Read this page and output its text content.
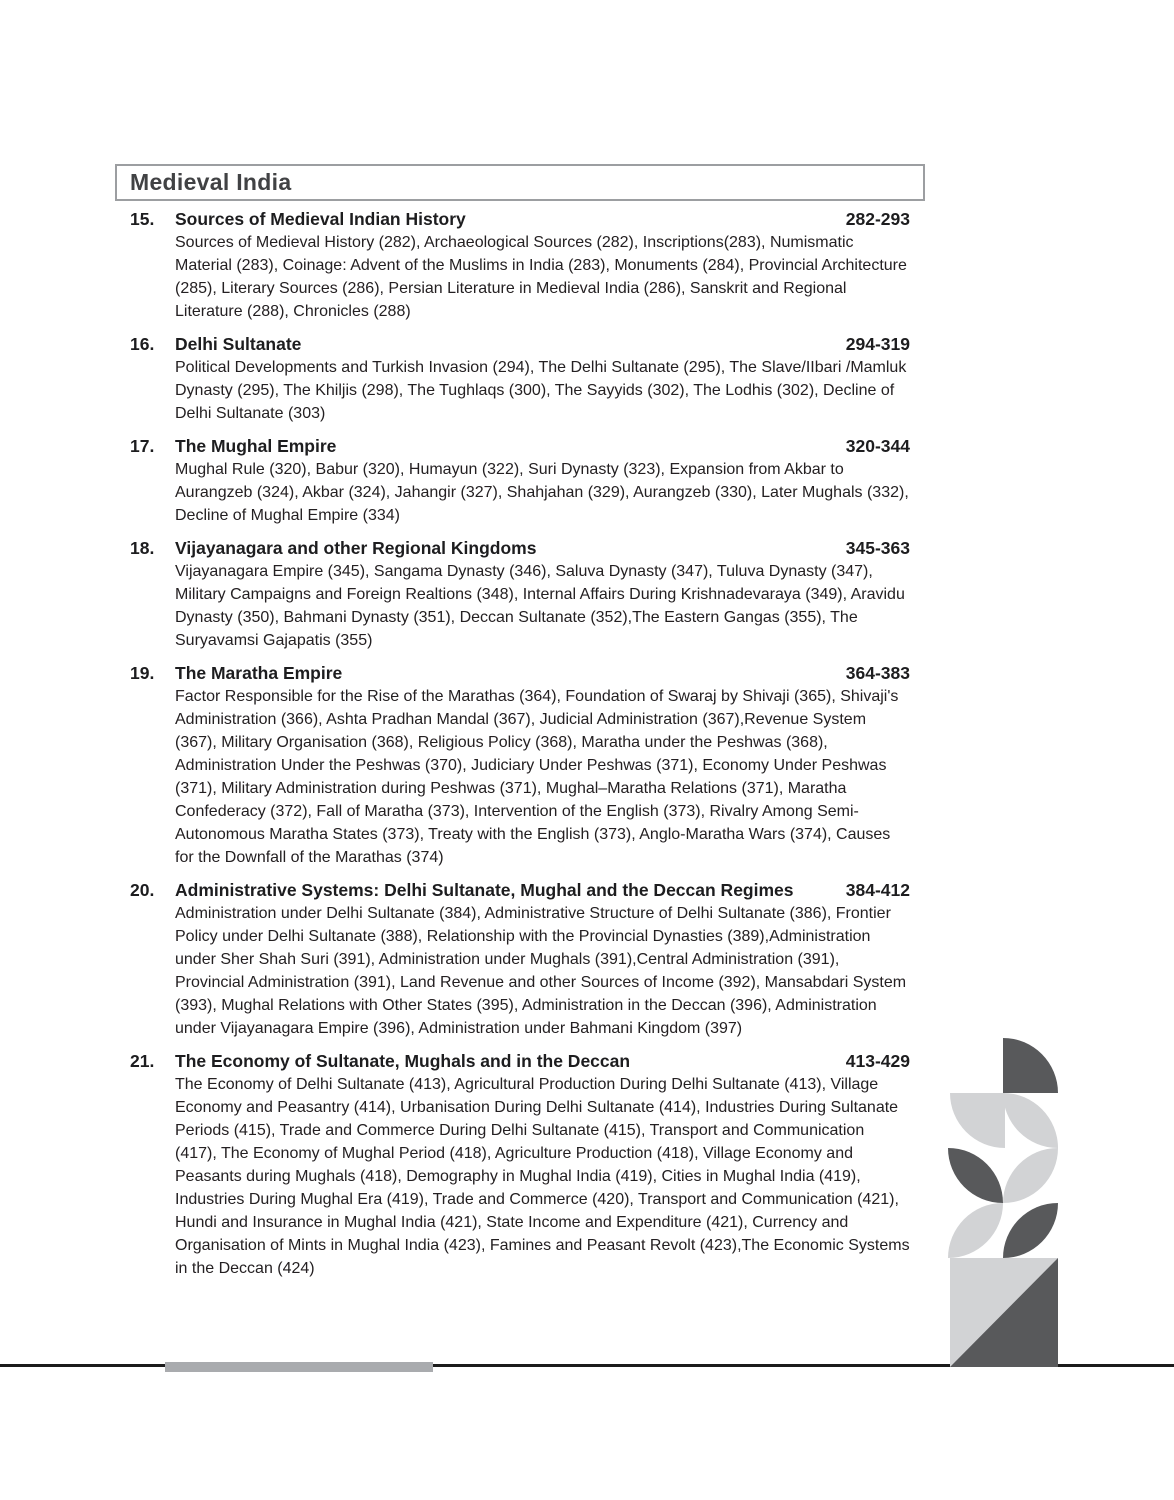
Medieval India
15.	Sources of Medieval Indian History	282-293
Sources of Medieval History (282), Archaeological Sources (282), Inscriptions(283), Numismatic Material (283), Coinage: Advent of the Muslims in India (283), Monuments (284), Provincial Architecture (285), Literary Sources (286), Persian Literature in Medieval India (286), Sanskrit and Regional Literature (288), Chronicles (288)
16.	Delhi Sultanate	294-319
Political Developments and Turkish Invasion (294), The Delhi Sultanate (295), The Slave/IIbari /Mamluk Dynasty (295), The Khiljis (298), The Tughlaqs (300), The Sayyids (302), The Lodhis (302), Decline of Delhi Sultanate (303)
17.	The Mughal Empire	320-344
Mughal Rule (320), Babur (320), Humayun (322), Suri Dynasty (323), Expansion from Akbar to Aurangzeb (324), Akbar (324), Jahangir (327), Shahjahan (329), Aurangzeb (330), Later Mughals (332), Decline of Mughal Empire (334)
18.	Vijayanagara and other Regional Kingdoms	345-363
Vijayanagara Empire (345), Sangama Dynasty (346), Saluva Dynasty (347), Tuluva Dynasty (347), Military Campaigns and Foreign Realtions (348), Internal Affairs During Krishnadevaraya (349), Aravidu Dynasty (350), Bahmani Dynasty (351), Deccan Sultanate (352),The Eastern Gangas (355), The Suryavamsi Gajapatis (355)
19.	The Maratha Empire	364-383
Factor Responsible for the Rise of the Marathas (364), Foundation of Swaraj by Shivaji (365), Shivaji's Administration (366), Ashta Pradhan Mandal (367), Judicial Administration (367),Revenue System (367), Military Organisation (368), Religious Policy (368), Maratha under the Peshwas (368), Administration Under the Peshwas (370), Judiciary Under Peshwas (371), Economy Under Peshwas (371), Military Administration during Peshwas (371), Mughal–Maratha Relations (371), Maratha Confederacy (372), Fall of Maratha (373), Intervention of the English (373), Rivalry Among Semi-Autonomous Maratha States (373), Treaty with the English (373), Anglo-Maratha Wars (374), Causes for the Downfall of the Marathas (374)
20.	Administrative Systems: Delhi Sultanate, Mughal and the Deccan Regimes	384-412
Administration under Delhi Sultanate (384), Administrative Structure of Delhi Sultanate (386), Frontier Policy under Delhi Sultanate (388), Relationship with the Provincial Dynasties (389),Administration under Sher Shah Suri (391), Administration under Mughals (391),Central Administration (391), Provincial Administration (391), Land Revenue and other Sources of Income (392), Mansabdari System (393), Mughal Relations with Other States (395), Administration in the Deccan (396), Administration under Vijayanagara Empire (396), Administration under Bahmani Kingdom (397)
21.	The Economy of Sultanate, Mughals and in the Deccan	413-429
The Economy of Delhi Sultanate (413), Agricultural Production During Delhi Sultanate (413), Village Economy and Peasantry (414), Urbanisation During Delhi Sultanate (414), Industries During Sultanate Periods (415), Trade and Commerce During Delhi Sultanate (415), Transport and Communication (417), The Economy of Mughal Period (418), Agriculture Production (418), Village Economy and Peasants during Mughals (418), Demography in Mughal India (419), Cities in Mughal India (419), Industries During Mughal Era (419), Trade and Commerce (420), Transport and Communication (421), Hundi and Insurance in Mughal India (421), State Income and Expenditure (421), Currency and Organisation of Mints in Mughal India (423), Famines and Peasant Revolt (423),The Economic Systems in the Deccan (424)
